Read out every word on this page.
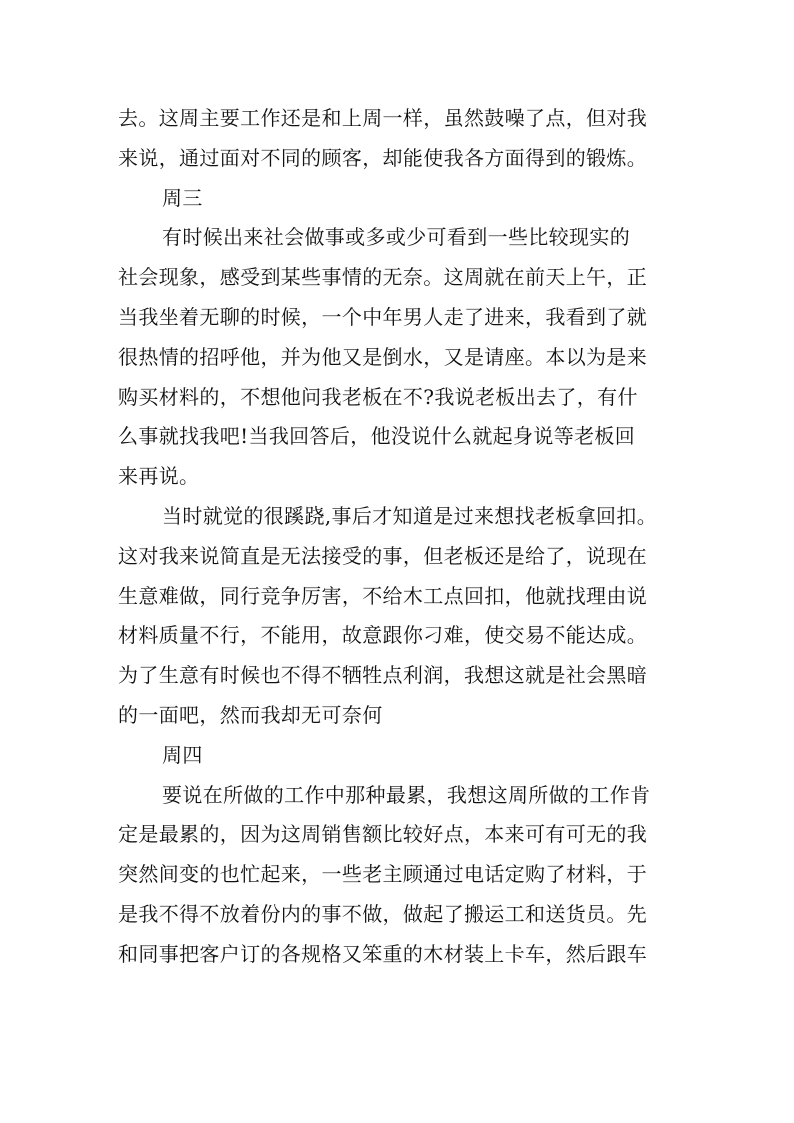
去。这周主要工作还是和上周一样，虽然鼓噪了点，但对我
来说，通过面对不同的顾客，却能使我各方面得到的锻炼。
周三
有时候出来社会做事或多或少可看到一些比较现实的
社会现象，感受到某些事情的无奈。这周就在前天上午，正
当我坐着无聊的时候，一个中年男人走了进来，我看到了就
很热情的招呼他，并为他又是倒水，又是请座。本以为是来
购买材料的，不想他问我老板在不?我说老板出去了，有什
么事就找我吧!当我回答后，他没说什么就起身说等老板回
来再说。
当时就觉的很蹊跷,事后才知道是过来想找老板拿回扣。
这对我来说简直是无法接受的事，但老板还是给了，说现在
生意难做，同行竞争厉害，不给木工点回扣，他就找理由说
材料质量不行，不能用，故意跟你刁难，使交易不能达成。
为了生意有时候也不得不牺牲点利润，我想这就是社会黑暗
的一面吧，然而我却无可奈何
周四
要说在所做的工作中那种最累，我想这周所做的工作肯
定是最累的，因为这周销售额比较好点，本来可有可无的我
突然间变的也忙起来，一些老主顾通过电话定购了材料，于
是我不得不放着份内的事不做，做起了搬运工和送货员。先
和同事把客户订的各规格又笨重的木材装上卡车，然后跟车
